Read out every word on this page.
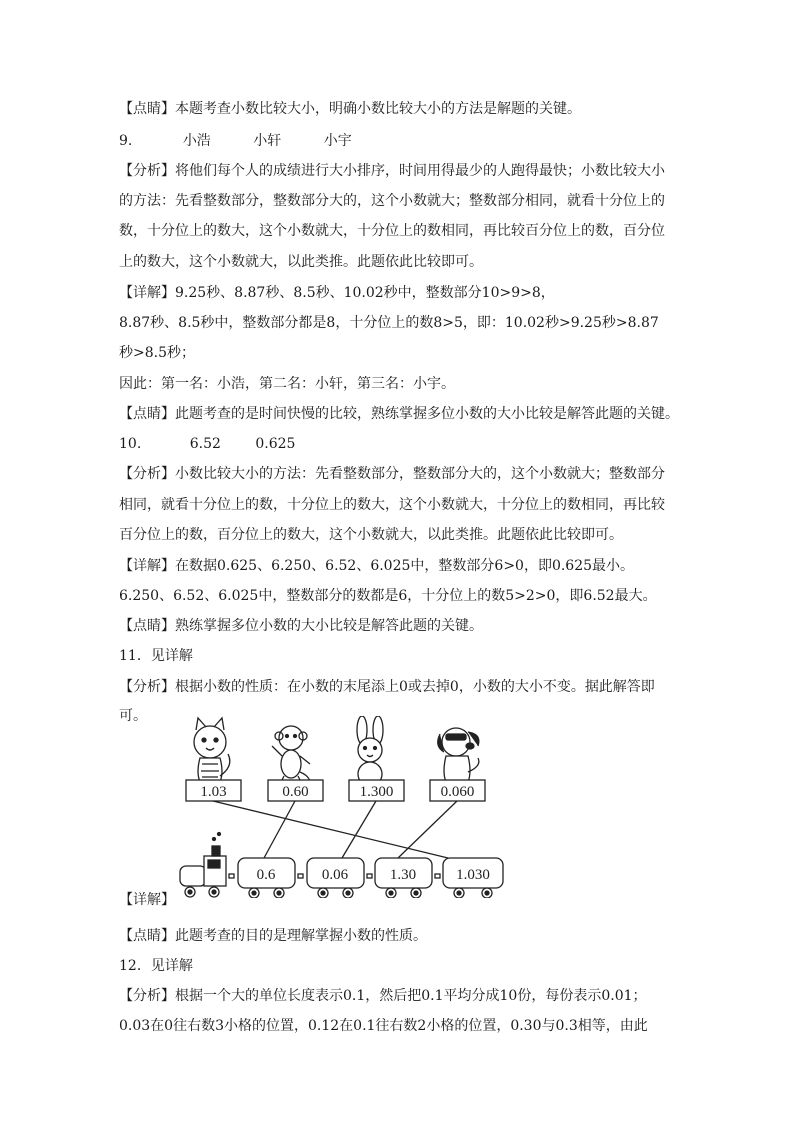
【点睛】本题考查小数比较大小，明确小数比较大小的方法是解题的关键。
9.	小浩	小轩	小宇
【分析】将他们每个人的成绩进行大小排序，时间用得最少的人跑得最快；小数比较大小
的方法：先看整数部分，整数部分大的，这个小数就大；整数部分相同，就看十分位上的
数，十分位上的数大，这个小数就大，十分位上的数相同，再比较百分位上的数，百分位
上的数大，这个小数就大，以此类推。此题依此比较即可。
【详解】9.25秒、8.87秒、8.5秒、10.02秒中，整数部分10>9>8，
8.87秒、8.5秒中，整数部分都是8，十分位上的数8>5，即：10.02秒>9.25秒>8.87
秒>8.5秒；
因此：第一名：小浩，第二名：小轩，第三名：小宇。
【点睛】此题考查的是时间快慢的比较，熟练掌握多位小数的大小比较是解答此题的关键。
10.	6.52 0.625
【分析】小数比较大小的方法：先看整数部分，整数部分大的，这个小数就大；整数部分
相同，就看十分位上的数，十分位上的数大，这个小数就大，十分位上的数相同，再比较
百分位上的数，百分位上的数大，这个小数就大，以此类推。此题依此比较即可。
【详解】在数据0.625、6.250、6.52、6.025中，整数部分6>0，即0.625最小。
6.250、6.52、6.025中，整数部分的数都是6，十分位上的数5>2>0，即6.52最大。
【点睛】熟练掌握多位小数的大小比较是解答此题的关键。
11．见详解
【分析】根据小数的性质：在小数的末尾添上0或去掉0，小数的大小不变。据此解答即
可。
1.03	0.60	1.300	0.060
0.6	0.06	1.30	1.030
【详解】
【点睛】此题考查的目的是理解掌握小数的性质。
12．见详解
【分析】根据一个大的单位长度表示0.1，然后把0.1平均分成10份，每份表示0.01；
0.03在0往右数3小格的位置，0.12在0.1往右数2小格的位置，0.30与0.3相等，由此
